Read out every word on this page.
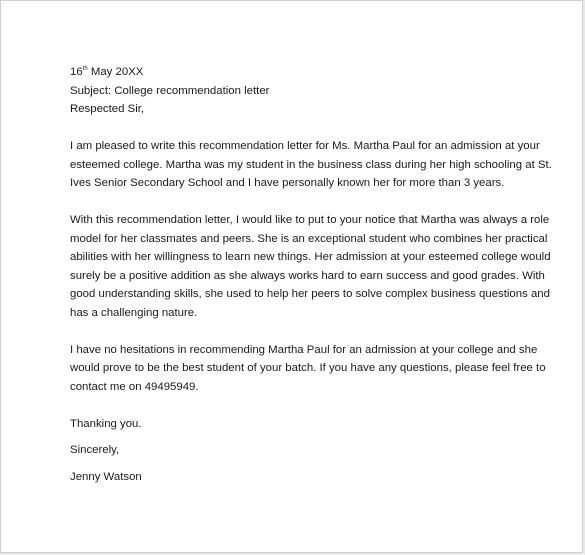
16th May 20XX
Subject: College recommendation letter
Respected Sir,

I am pleased to write this recommendation letter for Ms. Martha Paul for an admission at your
esteemed college. Martha was my student in the business class during her high schooling at St.
Ives Senior Secondary School and I have personally known her for more than 3 years.

With this recommendation letter, I would like to put to your notice that Martha was always a role
model for her classmates and peers. She is an exceptional student who combines her practical
abilities with her willingness to learn new things. Her admission at your esteemed college would
surely be a positive addition as she always works hard to earn success and good grades. With
good understanding skills, she used to help her peers to solve complex business questions and
has a challenging nature.

I have no hesitations in recommending Martha Paul for an admission at your college and she
would prove to be the best student of your batch. If you have any questions, please feel free to
contact me on 49495949.

Thanking you.
Sincerely,
Jenny Watson
